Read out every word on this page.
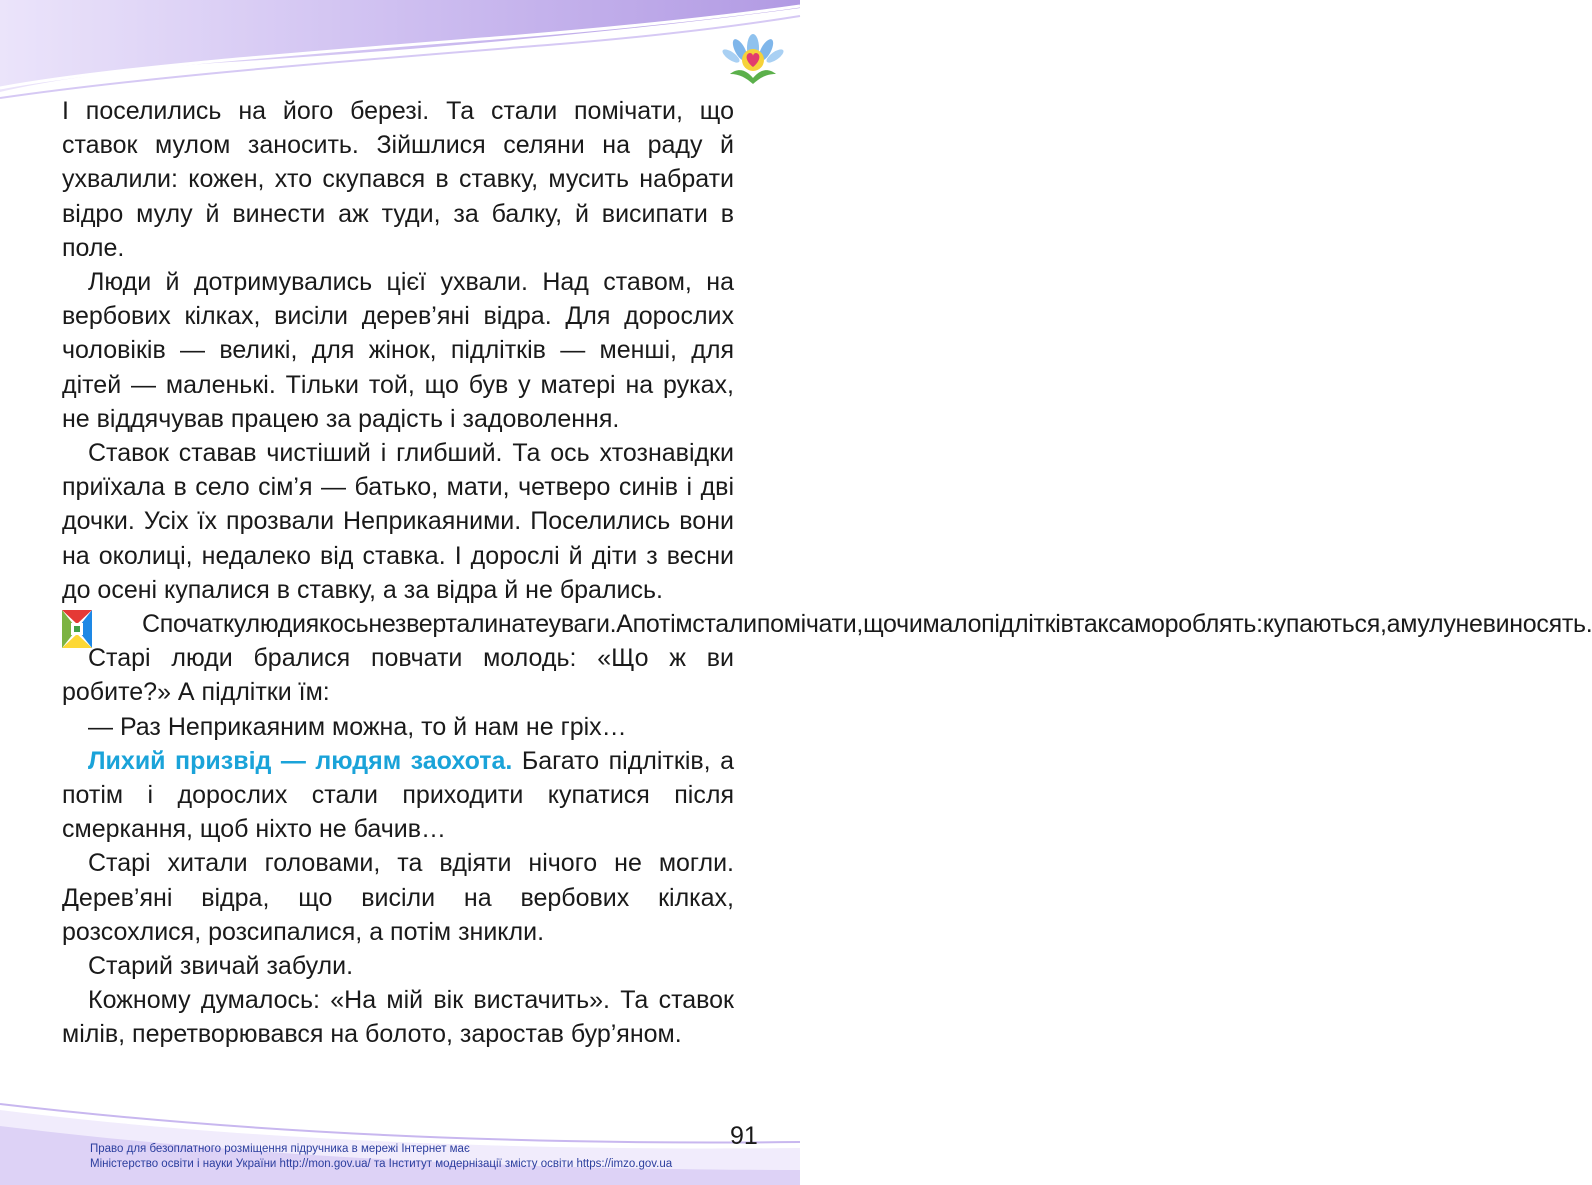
І поселились на його березі. Та стали помічати, що ставок мулом заносить. Зійшлися селяни на раду й ухвалили: кожен, хто скупався в ставку, мусить набрати відро мулу й винести аж туди, за балку, й висипати в поле.

Люди й дотримувались цієї ухвали. Над ставом, на вербових кілках, висіли дерев’яні відра. Для дорослих чоловіків — великі, для жінок, підлітків — менші, для дітей — маленькі. Тільки той, що був у матері на руках, не віддячував працею за радість і задоволення.

Ставок ставав чистіший і глибший. Та ось хтознавідки приїхала в село сім’я — батько, мати, четверо синів і дві дочки. Усіх їх прозвали Неприкаяними. Поселились вони на околиці, недалеко від ставка. І дорослі й діти з весни до осені купалися в ставку, а за відра й не брались.

Спочаткулюдиякосьнезверталинатеуваги.Апотімсталипомічати,щочималопідлітківтаксамороблять:купаються,амулуневиносять.

Старі люди бралися повчати молодь: «Що ж ви робите?» А підлітки їм:

— Раз Неприкаяним можна, то й нам не гріх…

Лихий призвід — людям заохота. Багато підлітків, а потім і дорослих стали приходити купатися після смеркання, щоб ніхто не бачив…

Старі хитали головами, та вдіяти нічого не могли. Дерев’яні відра, що висіли на вербових кілках, розсохлися, розсипалися, а потім зникли.

Старий звичай забули.

Кожному думалось: «На мій вік вистачить». Та ставок мілів, перетворювався на болото, заростав бур’яном.

91
Право для безоплатного розміщення підручника в мережі Інтернет має
Міністерство освіти і науки України http://mon.gov.ua/ та Інститут модернізації змісту освіти https://imzo.gov.ua
